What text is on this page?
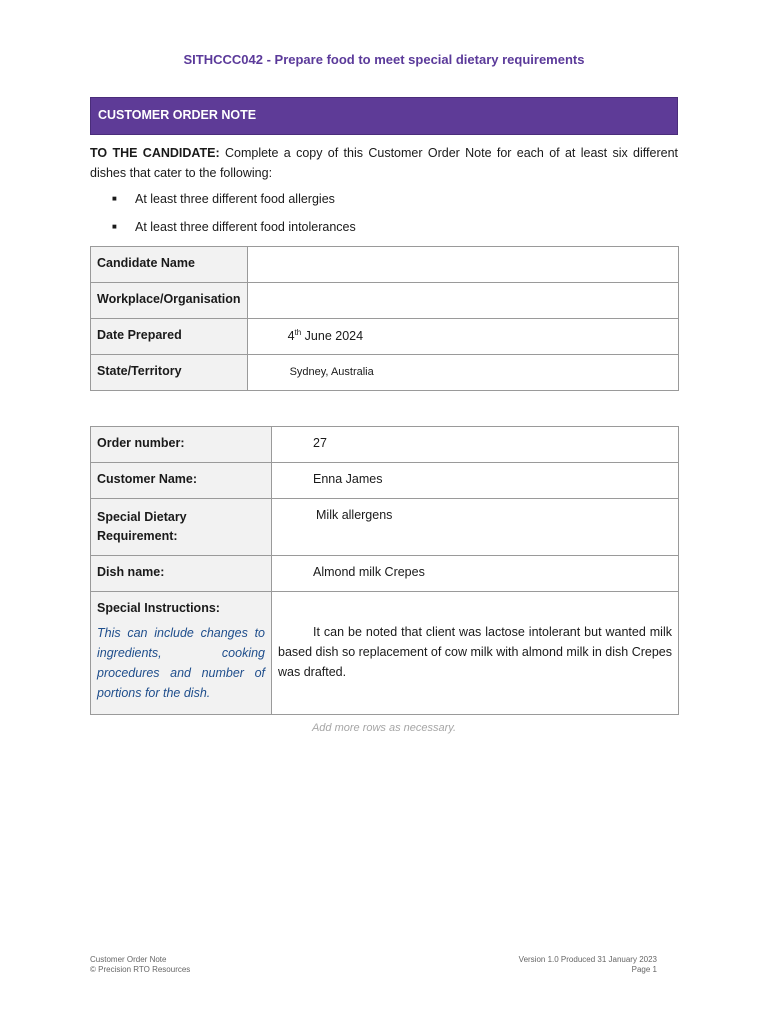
SITHCCC042 - Prepare food to meet special dietary requirements
CUSTOMER ORDER NOTE
TO THE CANDIDATE: Complete a copy of this Customer Order Note for each of at least six different dishes that cater to the following:
■	At least three different food allergies
■	At least three different food intolerances
Candidate Name	
Workplace/Organisation	
Date Prepared	4th June 2024
State/Territory	Sydney, Australia
Order number:	27
Customer Name:	Enna James
Special Dietary Requirement:	Milk allergens
Dish name:	Almond milk Crepes

Special Instructions:
This can include changes to ingredients, cooking procedures and number of portions for the dish.	It can be noted that client was lactose intolerant but wanted milk based dish so replacement of cow milk with almond milk in dish Crepes was drafted.
Add more rows as necessary.
Customer Order Note
© Precision RTO Resources
Version 1.0 Produced 31 January 2023
Page 1
